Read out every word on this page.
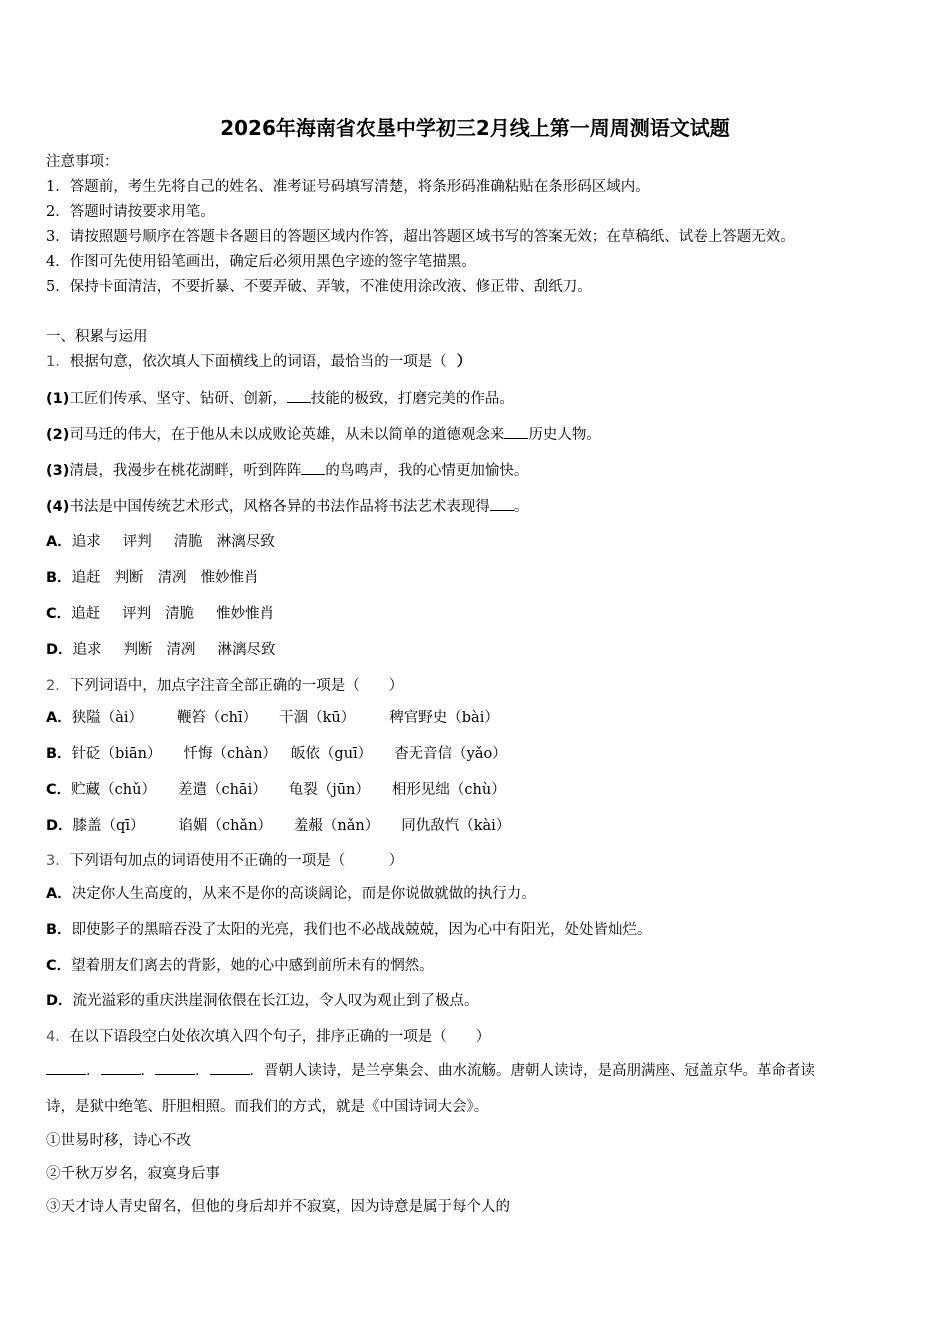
2026年海南省农垦中学初三2月线上第一周周测语文试题
注意事项：
1．答题前，考生先将自己的姓名、准考证号码填写清楚，将条形码准确粘贴在条形码区域内。
2．答题时请按要求用笔。
3．请按照题号顺序在答题卡各题目的答题区域内作答，超出答题区域书写的答案无效；在草稿纸、试卷上答题无效。
4．作图可先使用铅笔画出，确定后必须用黑色字迹的签字笔描黑。
5．保持卡面清洁，不要折暴、不要弄破、弄皱，不准使用涂改液、修正带、刮纸刀。
一、积累与运用
1．根据句意，依次填人下面横线上的词语，最恰当的一项是（ ）
(1)工匠们传承、坚守、钻研、创新， 技能的极致，打磨完美的作品。
(2)司马迁的伟大，在于他从未以成败论英雄，从未以简单的道德观念来 历史人物。
(3)清晨，我漫步在桃花湖畔，听到阵阵 的鸟鸣声，我的心情更加愉快。
(4)书法是中国传统艺术形式，风格各异的书法作品将书法艺术表现得 。
A．追求 评判 清脆 淋漓尽致
B．追赶 判断 清冽 惟妙惟肖
C．追赶 评判 清脆 惟妙惟肖
D．追求 判断 清冽 淋漓尽致
2．下列词语中，加点字注音全部正确的一项是（　　）
A．狭隘（ài） 鞭笞（chī） 干涸（kū） 稗官野史（bài）
B．针砭（biān） 忏悔（chàn） 皈依（guī） 杳无音信（yǎo）
C．贮藏（chǔ） 差遣（chāi） 龟裂（jūn） 相形见绌（chù）
D．膝盖（qī） 谄媚（chǎn） 羞赧（nǎn） 同仇敌忾（kài）
3．下列语句加点的词语使用不正确的一项是（　　　）
A．决定你人生高度的，从来不是你的高谈阔论，而是你说做就做的执行力。
B．即使影子的黑暗吞没了太阳的光亮，我们也不必战战兢兢，因为心中有阳光，处处皆灿烂。
C．望着朋友们离去的背影，她的心中感到前所未有的惘然。
D．流光溢彩的重庆洪崖洞依偎在长江边，令人叹为观止到了极点。
4．在以下语段空白处依次填入四个句子，排序正确的一项是（　　）
．	．	．	．晋朝人读诗，是兰亭集会、曲水流觞。唐朝人读诗，是高朋满座、冠盖京华。革命者读
诗，是狱中绝笔、肝胆相照。而我们的方式，就是《中国诗词大会》。
①世易时移，诗心不改
②千秋万岁名，寂寞身后事
③天才诗人青史留名，但他的身后却并不寂寞，因为诗意是属于每个人的
